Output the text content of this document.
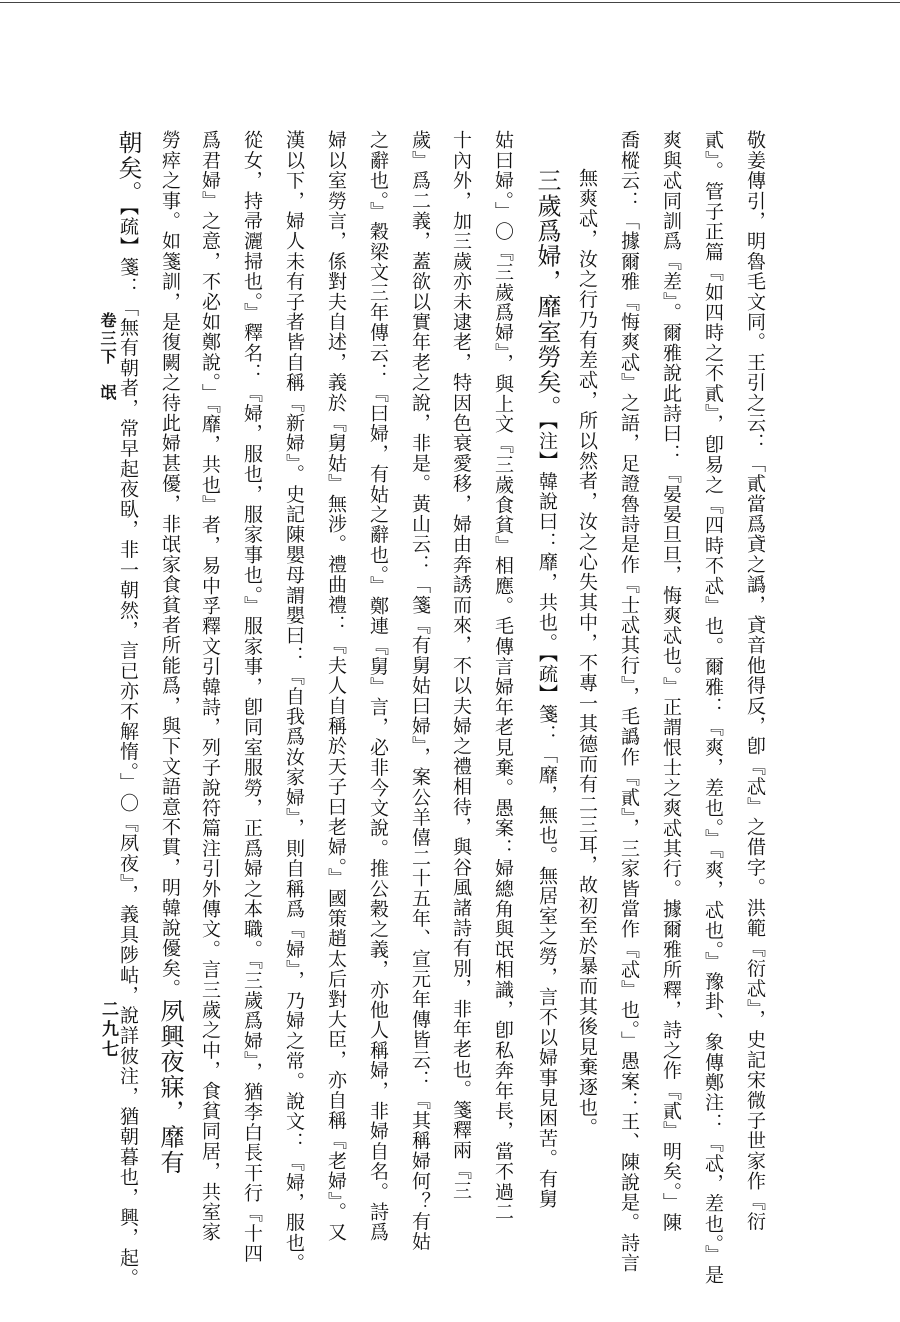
敬姜傳引，明魯毛文同。王引之云：「貳當爲貣之譌，貣音他得反，卽『忒』之借字。洪範『衍忒』，史記宋微子世家作『衍
貳』。管子正篇『如四時之不貳』，卽易之『四時不忒』也。爾雅：『爽，差也。』『爽，忒也。』豫卦、象傳鄭注：『忒，差也。』是
爽與忒同訓爲『差』。爾雅說此詩曰：『晏晏旦旦，悔爽忒也。』正謂恨士之爽忒其行。據爾雅所釋，詩之作『貳』明矣。」陳
喬樅云：「據爾雅『悔爽忒』之語，足證魯詩是作『士忒其行』，毛譌作『貳』，三家皆當作『忒』也。」愚案：王、陳說是。詩言
無爽忒，汝之行乃有差忒，所以然者，汝之心失其中，不專一其德而有二三耳，故初至於暴而其後見棄逐也。
三歲爲婦，靡室勞矣。【注】韓說曰：靡，共也。【疏】箋：「靡，無也。無居室之勞，言不以婦事見困苦。有舅
姑曰婦。」〇『三歲爲婦』，與上文『三歲食貧』相應。毛傳言婦年老見棄。愚案：婦總角與氓相識，卽私奔年長，當不過二
十內外，加三歲亦未逮老，特因色衰愛移，婦由奔誘而來，不以夫婦之禮相待，與谷風諸詩有別，非年老也。箋釋兩『三
歲』爲二義，蓋欲以實年老之說，非是。黃山云：「箋『有舅姑曰婦』，案公羊僖二十五年、宣元年傳皆云：『其稱婦何？有姑
之辭也。』穀梁文三年傳云：『曰婦，有姑之辭也。』鄭連『舅』言，必非今文說。推公穀之義，亦他人稱婦，非婦自名。詩爲
婦以室勞言，係對夫自述，義於『舅姑』無涉。禮曲禮：『夫人自稱於天子曰老婦。』國策趙太后對大臣，亦自稱『老婦』。又
漢以下，婦人未有子者皆自稱『新婦』。史記陳嬰母謂嬰曰：『自我爲汝家婦』，則自稱爲『婦』，乃婦之常。說文：『婦，服也。
從女，持帚灑掃也。』釋名：『婦，服也，服家事也。』服家事，卽同室服勞，正爲婦之本職。『三歲爲婦』，猶李白長干行『十四
爲君婦』之意，不必如鄭說。」『靡，共也』者，易中孚釋文引韓詩，列子說符篇注引外傳文。言三歲之中，食貧同居，共室家
勞瘁之事。如箋訓，是復闕之待此婦甚優，非氓家食貧者所能爲，與下文語意不貫，明韓說優矣。夙興夜寐，靡有
朝矣。【疏】箋：「無有朝者，常早起夜臥，非一朝然，言已亦不解惰。」〇『夙夜』，義具陟岵，說詳彼注，猶朝暮也，興，起。
卷三下　氓
二九七
